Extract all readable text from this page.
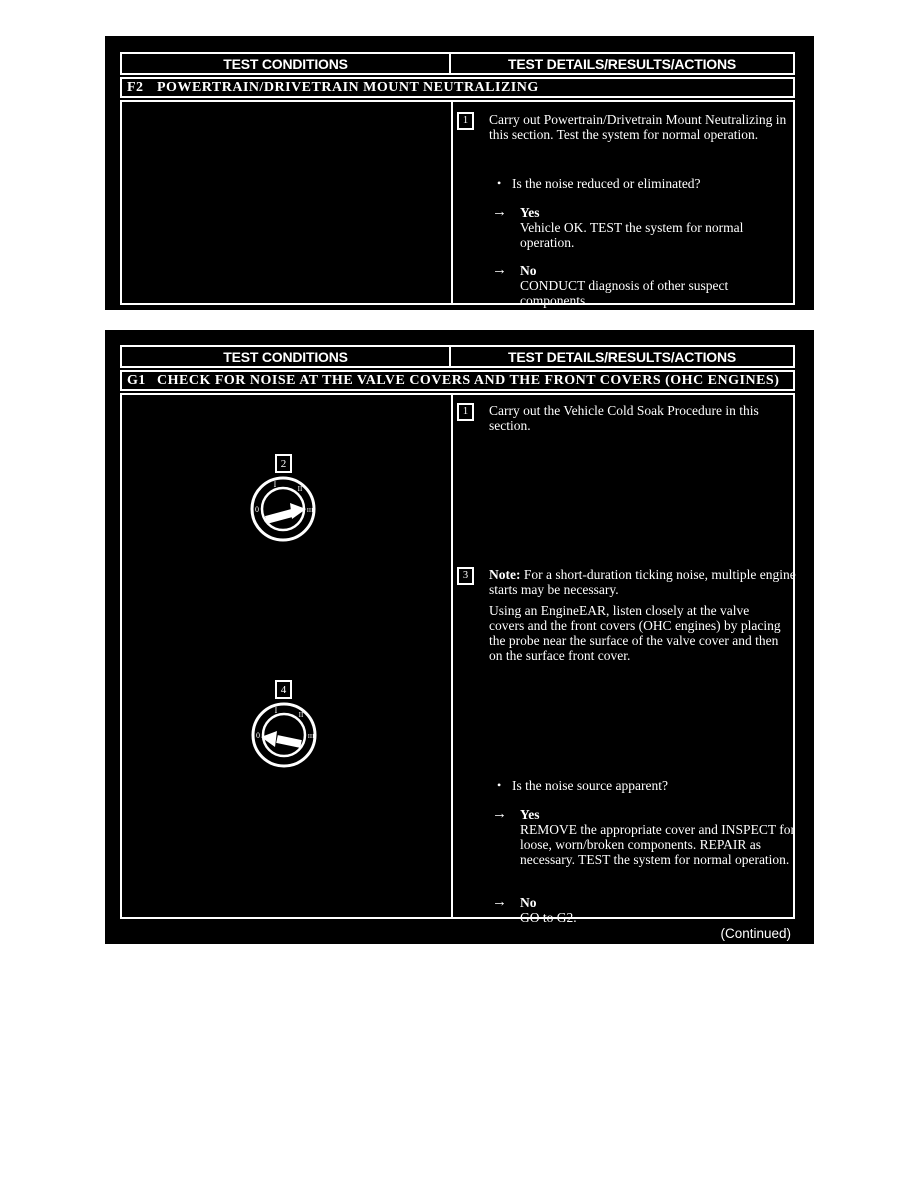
TEST CONDITIONS	TEST DETAILS/RESULTS/ACTIONS
F2 POWERTRAIN/DRIVETRAIN MOUNT NEUTRALIZING
1	Carry out Powertrain/Drivetrain Mount Neutralizing in this section. Test the system for normal operation.
• Is the noise reduced or eliminated?
→ Yes
Vehicle OK. TEST the system for normal operation.
→ No
CONDUCT diagnosis of other suspect components.
TEST CONDITIONS	TEST DETAILS/RESULTS/ACTIONS
G1 CHECK FOR NOISE AT THE VALVE COVERS AND THE FRONT COVERS (OHC ENGINES)
2
0
I	II
III
4
0
I	II
III
1	Carry out the Vehicle Cold Soak Procedure in this section.
3	Note: For a short-duration ticking noise, multiple engine starts may be necessary.
Using an EngineEAR, listen closely at the valve covers and the front covers (OHC engines) by placing the probe near the surface of the valve cover and then on the surface front cover.
• Is the noise source apparent?
→ Yes
REMOVE the appropriate cover and INSPECT for loose, worn/broken components. REPAIR as necessary. TEST the system for normal operation.
→ No
GO to G2.
(Continued)
